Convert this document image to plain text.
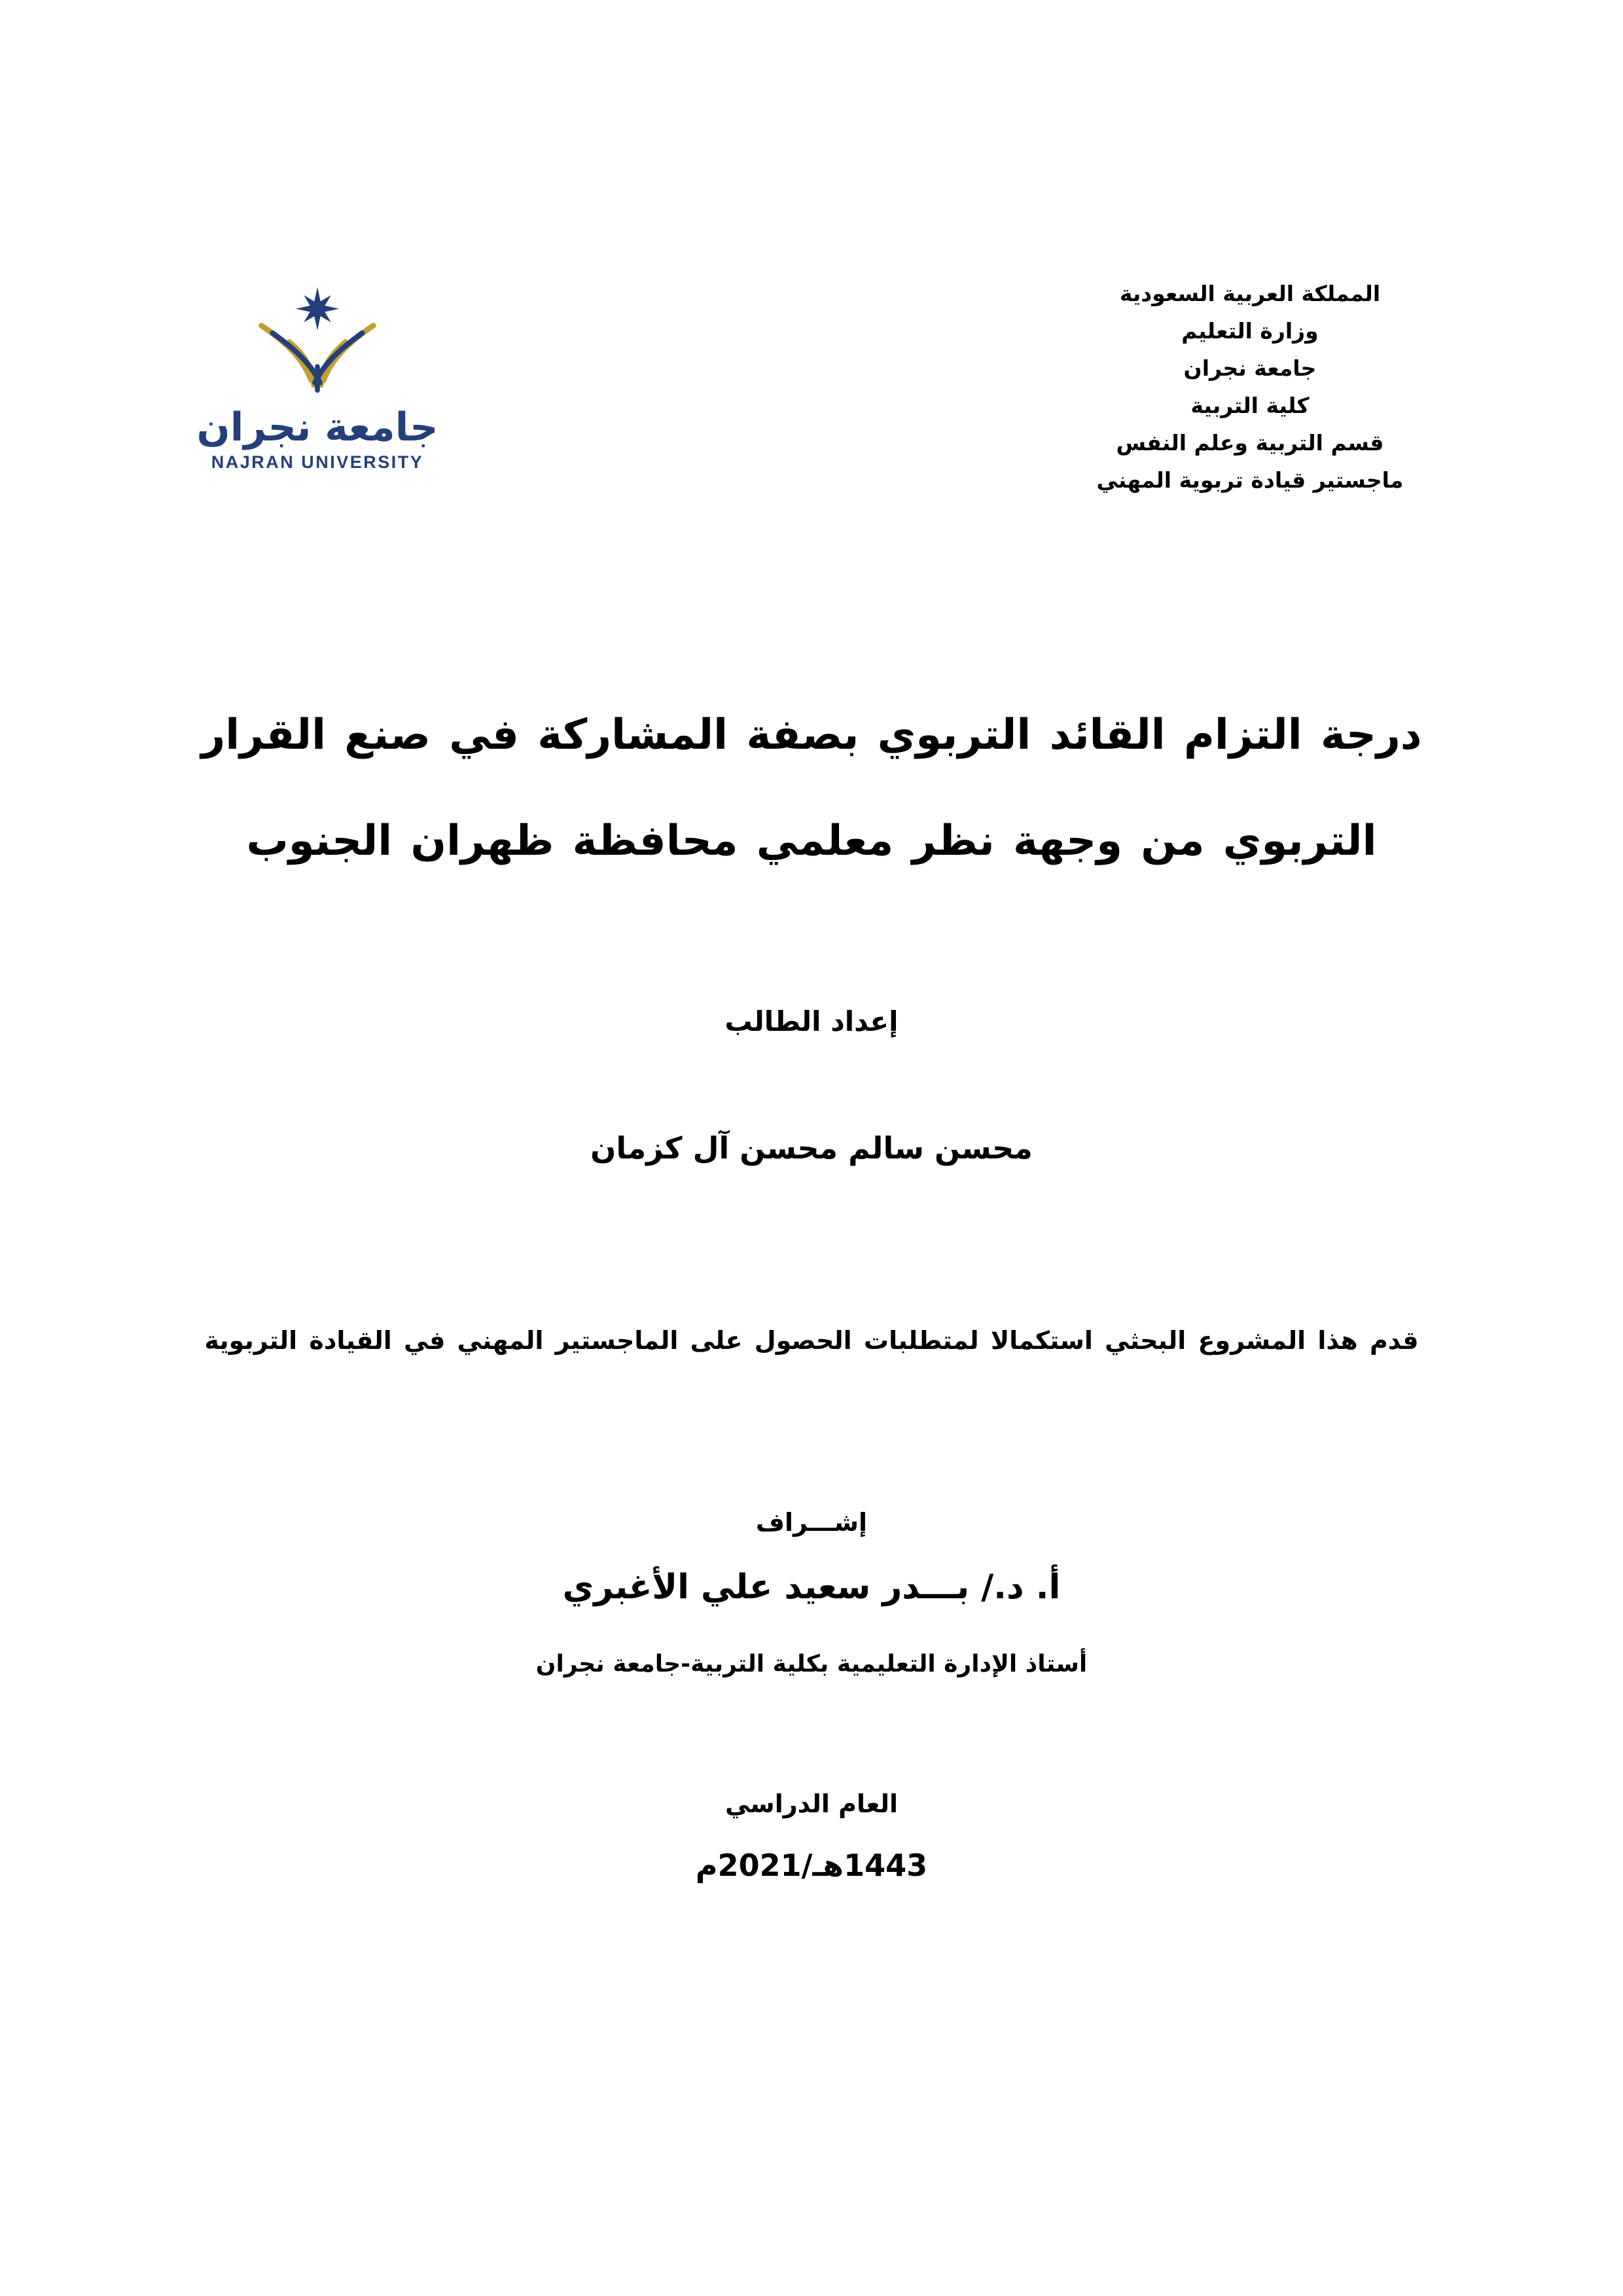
المملكة العربية السعودية
وزارة التعليم
جامعة نجران
كلية التربية
قسم التربية وعلم النفس
ماجستير قيادة تربوية المهني
جامعة نجران
NAJRAN UNIVERSITY
درجة التزام القائد التربوي بصفة المشاركة في صنع القرار
التربوي من وجهة نظر معلمي محافظة ظهران الجنوب
إعداد الطالب
محسن سالم محسن آل كزمان
قدم هذا المشروع البحثي استكمالا لمتطلبات الحصول على الماجستير المهني في القيادة التربوية
إشـــراف
أ. د./ بـــدر سعيد علي الأغبري
أستاذ الإدارة التعليمية بكلية التربية-جامعة نجران
العام الدراسي
1443هـ/2021م
